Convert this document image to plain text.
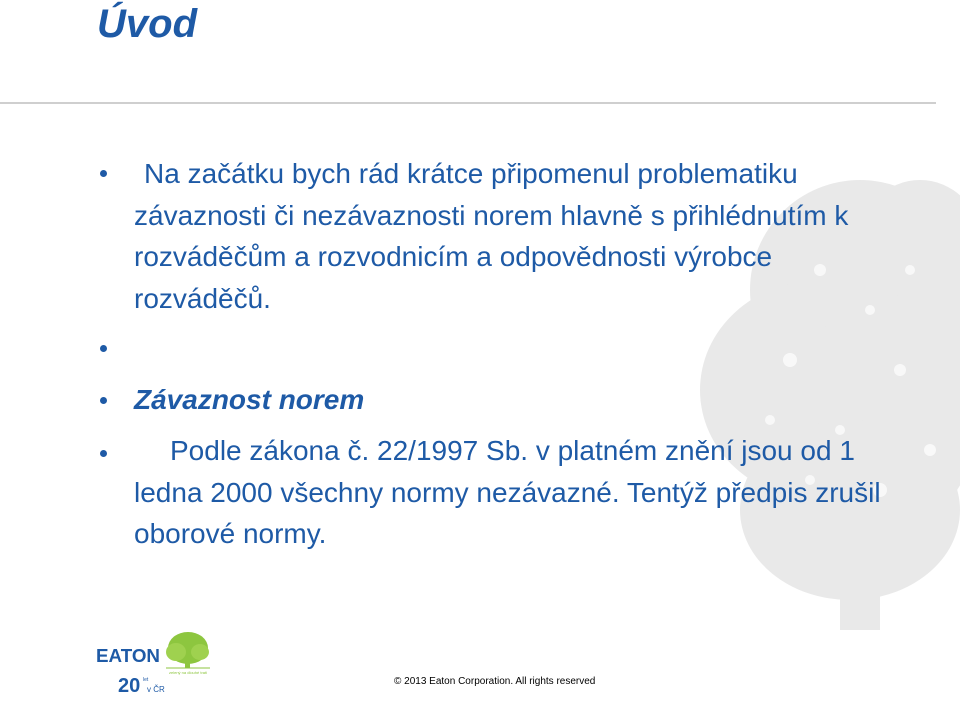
Úvod
Na začátku bych rád krátce připomenul problematiku závaznosti či nezávaznosti norem hlavně s přihlédnutím k rozváděčům a rozvodnicím a odpovědnosti výrobce rozváděčů.
Závaznost norem
Podle zákona č. 22/1997 Sb. v platném znění jsou od 1 ledna 2000 všechny normy nezávazné. Tentýž předpis zrušil oborové normy.
zelený na dlouhé trati
EATON
20 let
v ČR
© 2013 Eaton Corporation. All rights reserved
